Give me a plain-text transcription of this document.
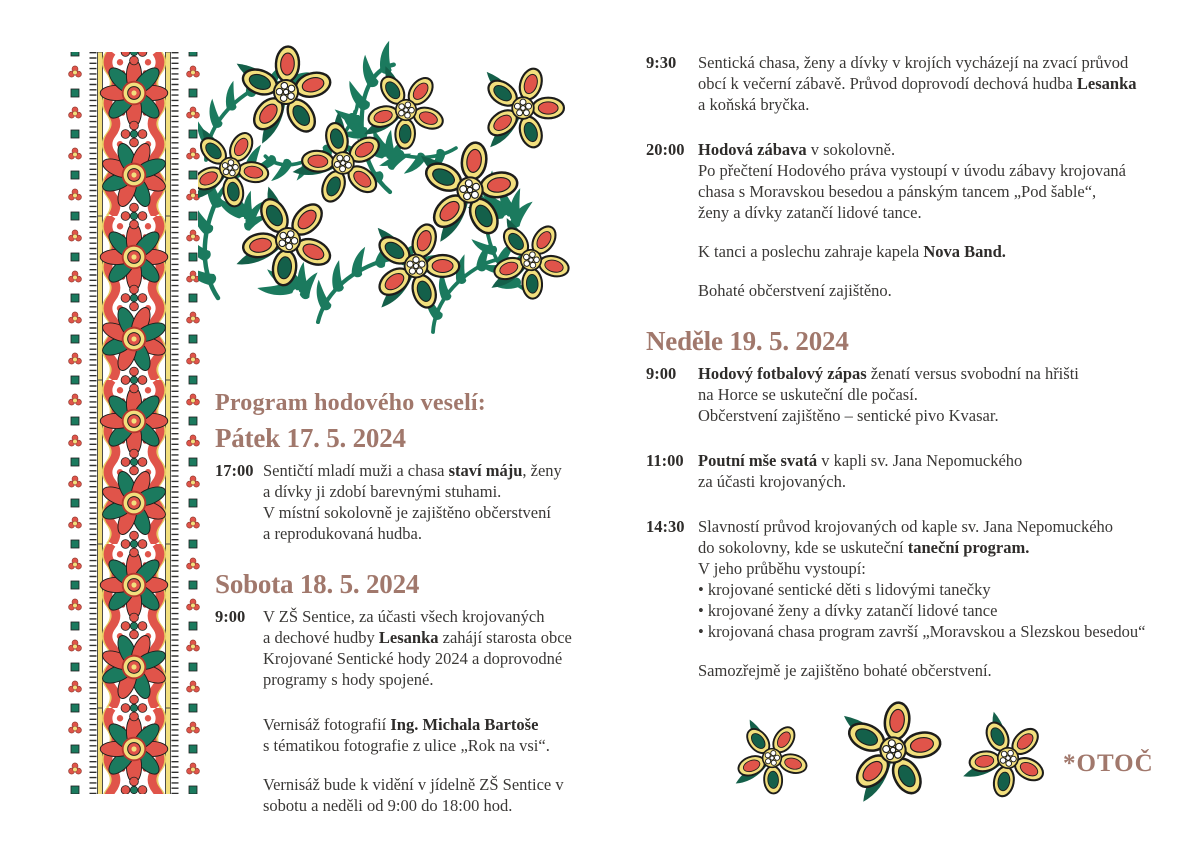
Program hodového veselí:
Pátek 17. 5. 2024
17:00 Sentičtí mladí muži a chasa staví máju, ženy
a dívky ji zdobí barevnými stuhami.
V místní sokolovně je zajištěno občerstvení
a reprodukovaná hudba.
Sobota 18. 5. 2024
9:00	V ZŠ Sentice, za účasti všech krojovaných
a dechové hudby Lesanka zahájí starosta obce
Krojované Sentické hody 2024 a doprovodné
programy s hody spojené.
Vernisáž fotografií Ing. Michala Bartoše
s tématikou fotografie z ulice „Rok na vsi“.
Vernisáž bude k vidění v jídelně ZŠ Sentice v
sobotu a neděli od 9:00 do 18:00 hod.
9:30	Sentická chasa, ženy a dívky v krojích vycházejí na zvací průvod
obcí k večerní zábavě. Průvod doprovodí dechová hudba Lesanka
a koňská bryčka.
20:00 Hodová zábava v sokolovně.
Po přečtení Hodového práva vystoupí v úvodu zábavy krojovaná
chasa s Moravskou besedou a pánským tancem „Pod šable“,
ženy a dívky zatančí lidové tance.
K tanci a poslechu zahraje kapela Nova Band.
Bohaté občerstvení zajištěno.
Neděle 19. 5. 2024
9:00	Hodový fotbalový zápas ženatí versus svobodní na hřišti
na Horce se uskuteční dle počasí.
Občerstvení zajištěno – sentické pivo Kvasar.
11:00 Poutní mše svatá v kapli sv. Jana Nepomuckého
za účasti krojovaných.
14:30 Slavností průvod krojovaných od kaple sv. Jana Nepomuckého
do sokolovny, kde se uskuteční taneční program.
V jeho průběhu vystoupí:
• krojované sentické děti s lidovými tanečky
• krojované ženy a dívky zatančí lidové tance
• krojovaná chasa program završí „Moravskou a Slezskou besedou“
Samozřejmě je zajištěno bohaté občerstvení.
*OTOČ
